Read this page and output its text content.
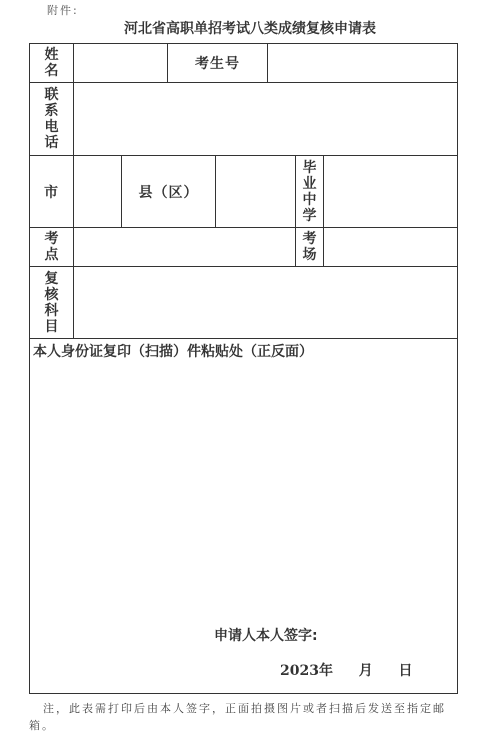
附件:
河北省高职单招考试八类成绩复核申请表
姓名	考生号
联系电话
市	县（区）
毕业中学
考点
考场
复核科目
本人身份证复印（扫描）件粘贴处（正反面）
申请人本人签字:
2023年 月 日
注，此表需打印后由本人签字，正面拍摄图片或者扫描后发送至指定邮箱。
